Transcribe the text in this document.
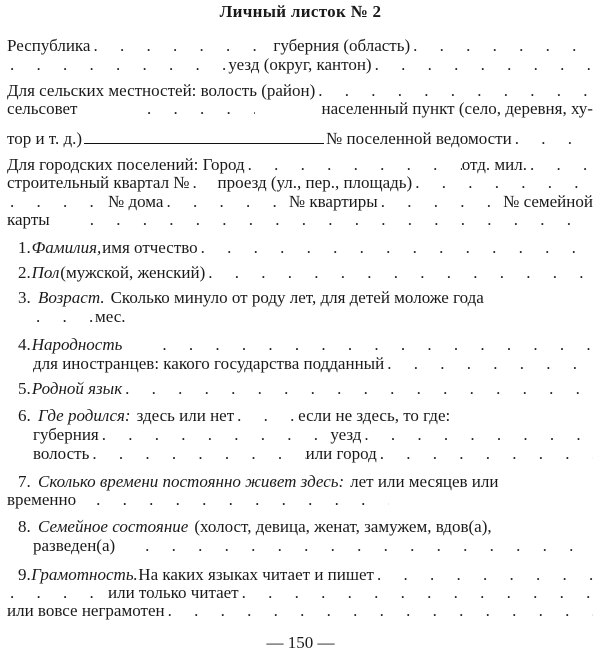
Личный листок № 2
Республика . . .	губерния (область)
. . .
. . .
уезд (округ, кантон)
. . .
Для сельских местностей: волость (район)
. . .
сельсовет . . .	населенный пункт (село, деревня, ху-
тор и т. д.)	№ поселенной ведомости
. . .
Для городских поселений: Город . . .	отд. мил.
. . .
строительный квартал № . . . проезд (ул., пер., площадь)
. . .
. . .
№ дома . . .	№ квартиры . . .	№ семейной
карты
. . .
1. Фамилия, имя отчество
. . .
2. Пол (мужской, женский)
. . .
3. Возраст. Сколько минуло от роду лет, для детей моложе года
. . .
мес.
4. Народность
. . .
для иностранцев: какого государства подданный
. . .
5. Родной язык
. . .
6. Где родился: здесь или нет . . .	если не здесь, то где:
губерния . . .	уезд
. . .
волость . . .	или город
. . .
7. Сколько времени постоянно живет здесь: лет или месяцев или
временно
. . .
8. Семейное состояние (холост, девица, женат, замужем, вдов(а),
разведен(а)
. . .
9. Грамотность. На каких языках читает и пишет
. . .
. . .
или только читает
. . .
или вовсе неграмотен
. . .
— 150 —
